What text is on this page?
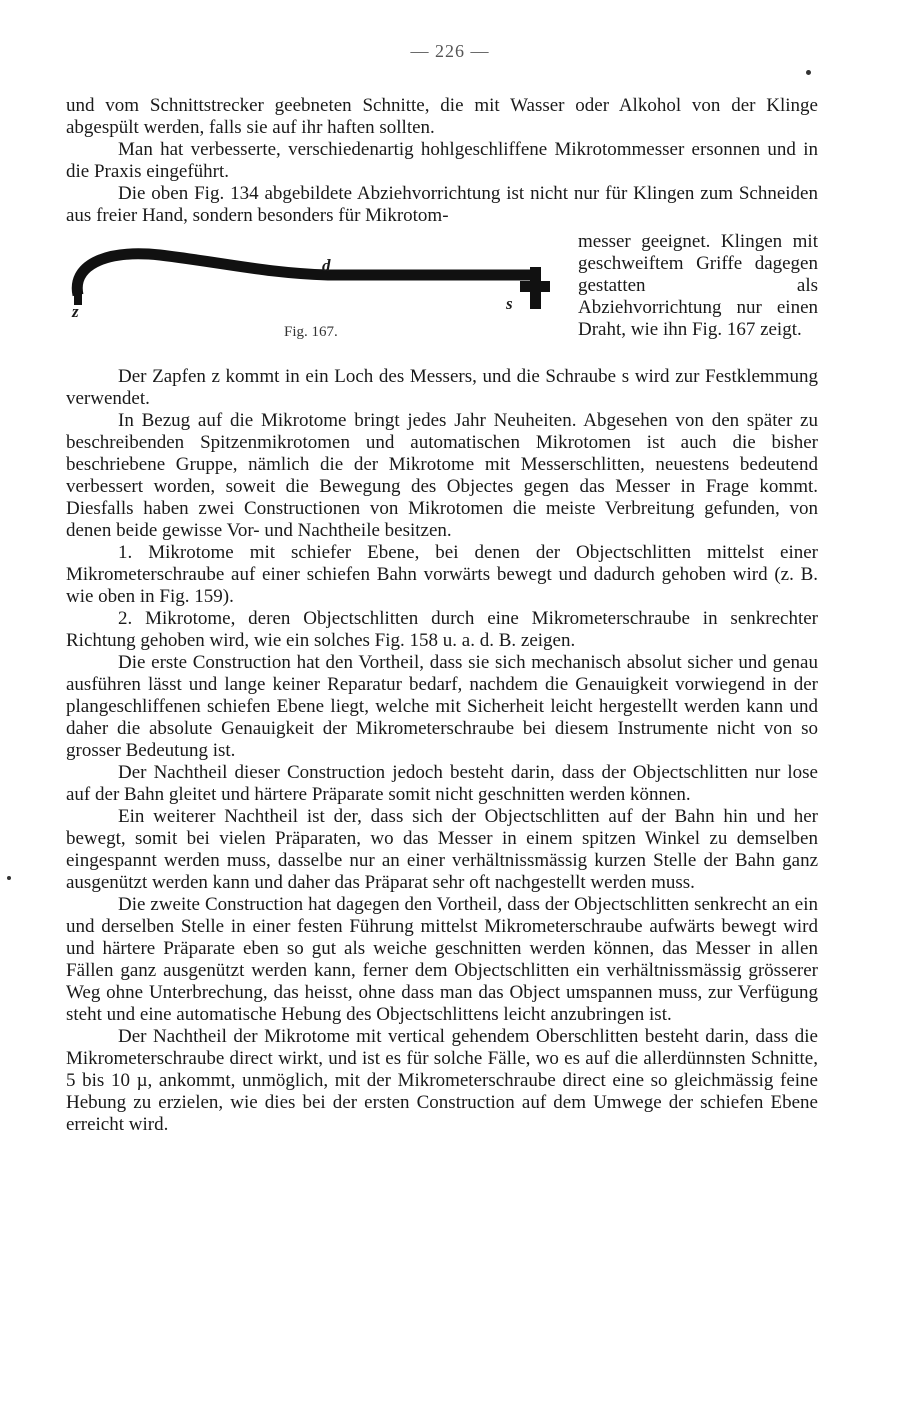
— 226 —

und vom Schnittstrecker geebneten Schnitte, die mit Wasser oder Alkohol von der Klinge abgespült werden, falls sie auf ihr haften sollten.

Man hat verbesserte, verschiedenartig hohlgeschliffene Mikrotommesser ersonnen und in die Praxis eingeführt.

Die oben Fig. 134 abgebildete Abziehvorrichtung ist nicht nur für Klingen zum Schneiden aus freier Hand, sondern besonders für Mikrotom-

d
z	s
Fig. 167.

messer geeignet. Klingen mit geschweiftem Griffe dagegen gestatten als Abziehvorrichtung nur einen Draht, wie ihn Fig. 167 zeigt.

Der Zapfen z kommt in ein Loch des Messers, und die Schraube s wird zur Festklemmung verwendet.

In Bezug auf die Mikrotome bringt jedes Jahr Neuheiten. Abgesehen von den später zu beschreibenden Spitzenmikrotomen und automatischen Mikrotomen ist auch die bisher beschriebene Gruppe, nämlich die der Mikrotome mit Messerschlitten, neuestens bedeutend verbessert worden, soweit die Bewegung des Objectes gegen das Messer in Frage kommt. Diesfalls haben zwei Constructionen von Mikrotomen die meiste Verbreitung gefunden, von denen beide gewisse Vor- und Nachtheile besitzen.

1. Mikrotome mit schiefer Ebene, bei denen der Objectschlitten mittelst einer Mikrometerschraube auf einer schiefen Bahn vorwärts bewegt und dadurch gehoben wird (z. B. wie oben in Fig. 159).

2. Mikrotome, deren Objectschlitten durch eine Mikrometerschraube in senkrechter Richtung gehoben wird, wie ein solches Fig. 158 u. a. d. B. zeigen.

Die erste Construction hat den Vortheil, dass sie sich mechanisch absolut sicher und genau ausführen lässt und lange keiner Reparatur bedarf, nachdem die Genauigkeit vorwiegend in der plangeschliffenen schiefen Ebene liegt, welche mit Sicherheit leicht hergestellt werden kann und daher die absolute Genauigkeit der Mikrometerschraube bei diesem Instrumente nicht von so grosser Bedeutung ist.

Der Nachtheil dieser Construction jedoch besteht darin, dass der Objectschlitten nur lose auf der Bahn gleitet und härtere Präparate somit nicht geschnitten werden können.

Ein weiterer Nachtheil ist der, dass sich der Objectschlitten auf der Bahn hin und her bewegt, somit bei vielen Präparaten, wo das Messer in einem spitzen Winkel zu demselben eingespannt werden muss, dasselbe nur an einer verhältnissmässig kurzen Stelle der Bahn ganz ausgenützt werden kann und daher das Präparat sehr oft nachgestellt werden muss.

Die zweite Construction hat dagegen den Vortheil, dass der Objectschlitten senkrecht an ein und derselben Stelle in einer festen Führung mittelst Mikrometerschraube aufwärts bewegt wird und härtere Präparate eben so gut als weiche geschnitten werden können, das Messer in allen Fällen ganz ausgenützt werden kann, ferner dem Objectschlitten ein verhältnissmässig grösserer Weg ohne Unterbrechung, das heisst, ohne dass man das Object umspannen muss, zur Verfügung steht und eine automatische Hebung des Objectschlittens leicht anzubringen ist.

Der Nachtheil der Mikrotome mit vertical gehendem Oberschlitten besteht darin, dass die Mikrometerschraube direct wirkt, und ist es für solche Fälle, wo es auf die allerdünnsten Schnitte, 5 bis 10 µ, ankommt, unmöglich, mit der Mikrometerschraube direct eine so gleichmässig feine Hebung zu erzielen, wie dies bei der ersten Construction auf dem Umwege der schiefen Ebene erreicht wird.
